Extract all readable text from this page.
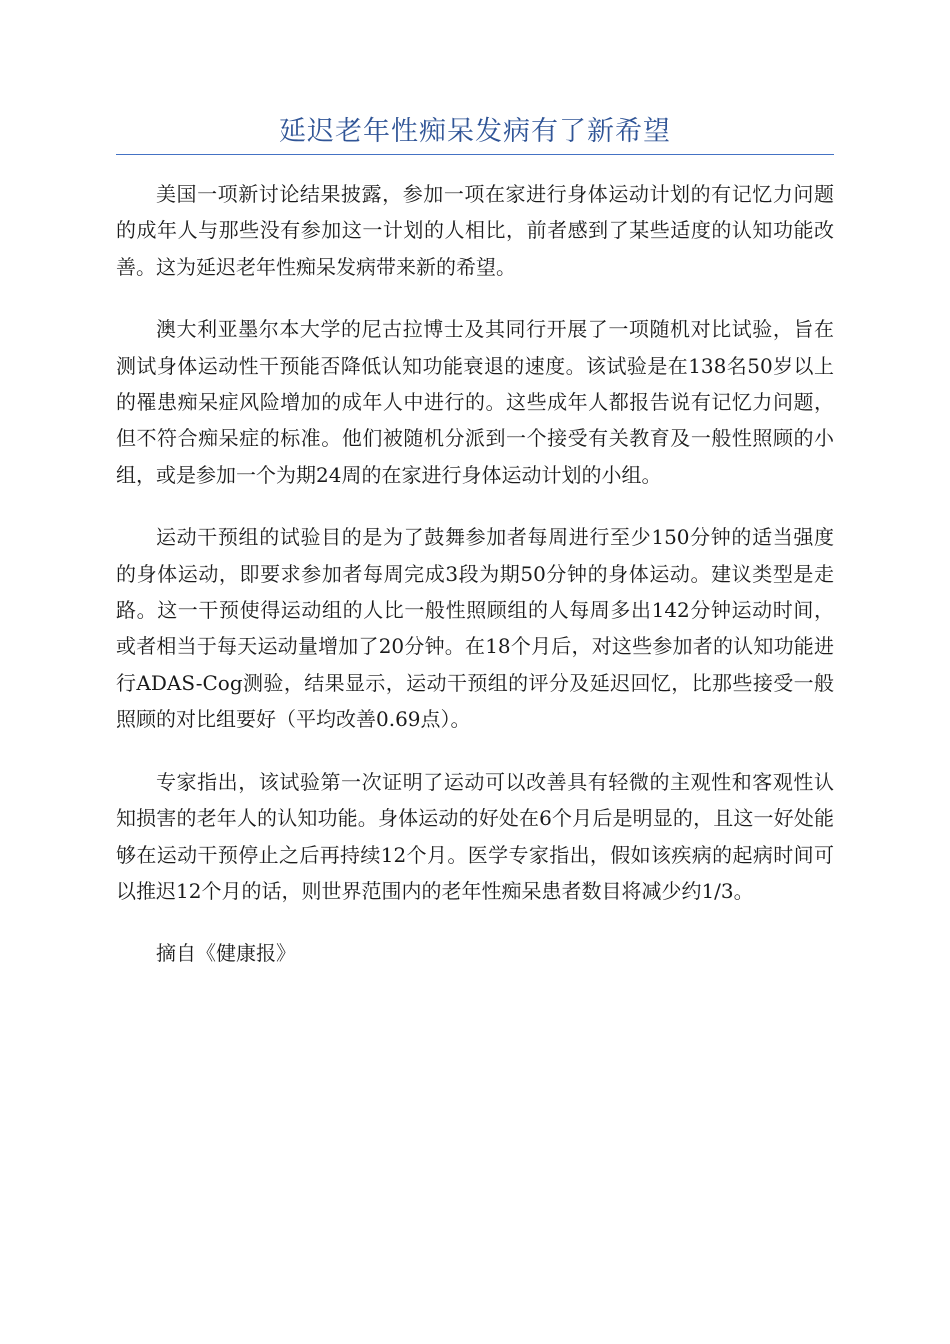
延迟老年性痴呆发病有了新希望

美国一项新讨论结果披露，参加一项在家进行身体运动计划的有记忆力问题的成年人与那些没有参加这一计划的人相比，前者感到了某些适度的认知功能改善。这为延迟老年性痴呆发病带来新的希望。

澳大利亚墨尔本大学的尼古拉博士及其同行开展了一项随机对比试验，旨在测试身体运动性干预能否降低认知功能衰退的速度。该试验是在138名50岁以上的罹患痴呆症风险增加的成年人中进行的。这些成年人都报告说有记忆力问题，但不符合痴呆症的标准。他们被随机分派到一个接受有关教育及一般性照顾的小组，或是参加一个为期24周的在家进行身体运动计划的小组。

运动干预组的试验目的是为了鼓舞参加者每周进行至少150分钟的适当强度的身体运动，即要求参加者每周完成3段为期50分钟的身体运动。建议类型是走路。这一干预使得运动组的人比一般性照顾组的人每周多出142分钟运动时间，或者相当于每天运动量增加了20分钟。在18个月后，对这些参加者的认知功能进行ADAS-Cog测验，结果显示，运动干预组的评分及延迟回忆，比那些接受一般照顾的对比组要好（平均改善0.69点）。

专家指出，该试验第一次证明了运动可以改善具有轻微的主观性和客观性认知损害的老年人的认知功能。身体运动的好处在6个月后是明显的，且这一好处能够在运动干预停止之后再持续12个月。医学专家指出，假如该疾病的起病时间可以推迟12个月的话，则世界范围内的老年性痴呆患者数目将减少约1/3。

摘自《健康报》
